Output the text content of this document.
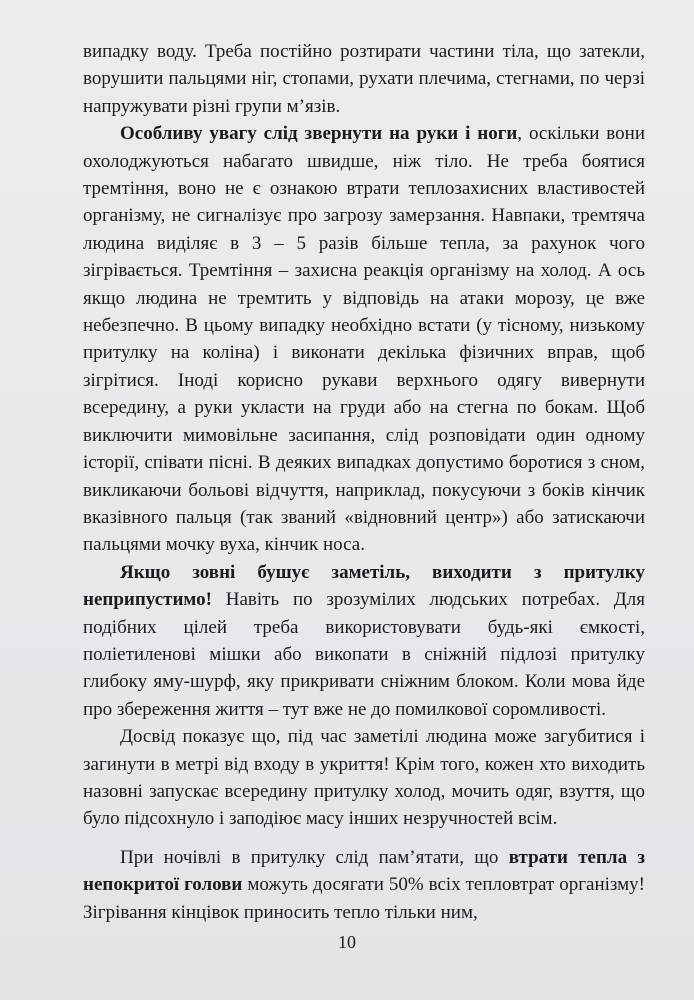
випадку воду. Треба постійно розтирати частини тіла, що затекли, ворушити пальцями ніг, стопами, рухати плечима, стегнами, по черзі напружувати різні групи м’язів.

Особливу увагу слід звернути на руки і ноги, оскільки вони охолоджуються набагато швидше, ніж тіло. Не треба боятися тремтіння, воно не є ознакою втрати теплозахисних властивостей організму, не сигналізує про загрозу замерзання. Навпаки, тремтяча людина виділяє в 3 – 5 разів більше тепла, за рахунок чого зігрівається. Тремтіння – захисна реакція організму на холод. А ось якщо людина не тремтить у відповідь на атаки морозу, це вже небезпечно. В цьому випадку необхідно встати (у тісному, низькому притулку на коліна) і виконати декілька фізичних вправ, щоб зігрітися. Іноді корисно рукави верхнього одягу вивернути всередину, а руки укласти на груди або на стегна по бокам. Щоб виключити мимовільне засипання, слід розповідати один одному історії, співати пісні. В деяких випадках допустимо боротися з сном, викликаючи больові відчуття, наприклад, покусуючи з боків кінчик вказівного пальця (так званий «відновний центр») або затискаючи пальцями мочку вуха, кінчик носа.

Якщо зовні бушує заметіль, виходити з притулку неприпустимо! Навіть по зрозумілих людських потребах. Для подібних цілей треба використовувати будь-які ємкості, поліетиленові мішки або викопати в сніжній підлозі притулку глибоку яму-шурф, яку прикривати сніжним блоком. Коли мова йде про збереження життя – тут вже не до помилкової соромливості.

Досвід показує що, під час заметілі людина може загубитися і загинути в метрі від входу в укриття! Крім того, кожен хто виходить назовні запускає всередину притулку холод, мочить одяг, взуття, що було підсохнуло і заподіює масу інших незручностей всім.

При ночівлі в притулку слід пам’ятати, що втрати тепла з непокритої голови можуть досягати 50% всіх тепловтрат організму! Зігрівання кінцівок приносить тепло тільки ним,

10
